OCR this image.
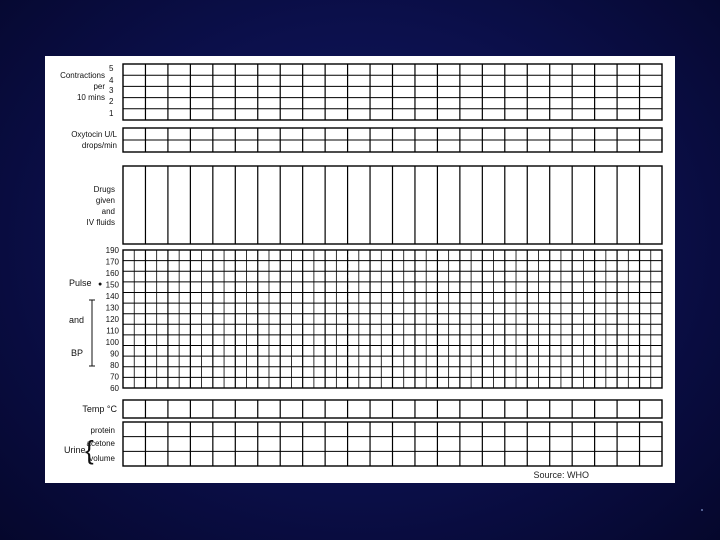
Contractions
per
10 mins
5
4
3
2
1
Oxytocin U/L
drops/min
Drugs
given
and
IV fluids
Pulse ●
and
BP
190
170
160
150
140
130
120
110
100
90
80
70
60
Temp °C
Urine {
protein
acetone
volume
Source: WHO
